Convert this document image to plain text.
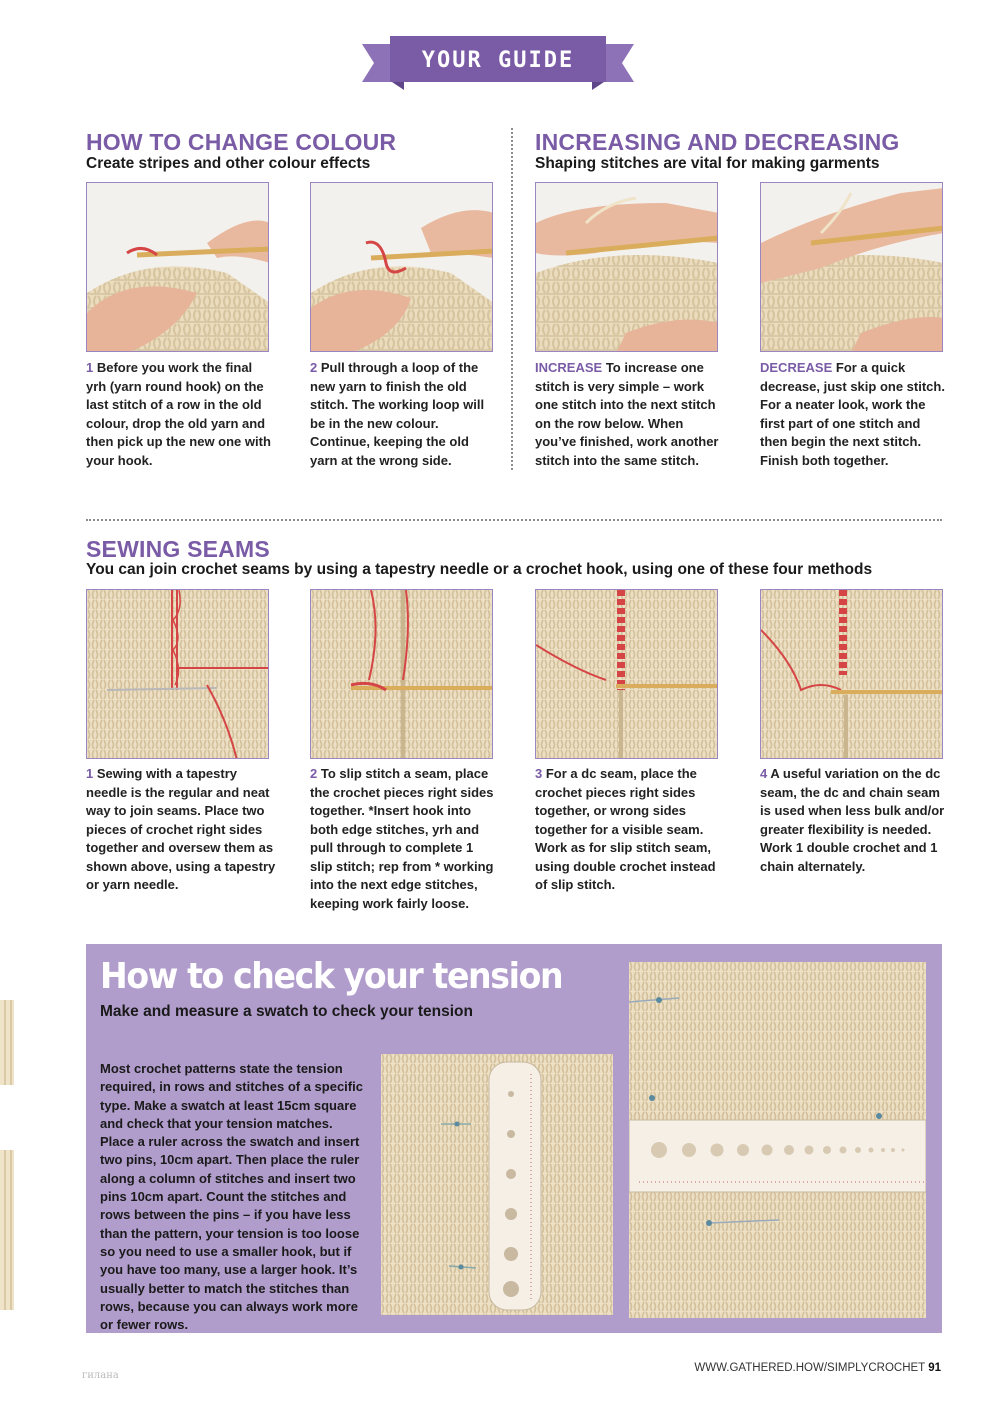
YOUR GUIDE
HOW TO CHANGE COLOUR
Create stripes and other colour effects
1 Before you work the final yrh (yarn round hook) on the last stitch of a row in the old colour, drop the old yarn and then pick up the new one with your hook.
2 Pull through a loop of the new yarn to finish the old stitch. The working loop will be in the new colour. Continue, keeping the old yarn at the wrong side.
INCREASING AND DECREASING
Shaping stitches are vital for making garments
INCREASE To increase one stitch is very simple – work one stitch into the next stitch on the row below. When you’ve finished, work another stitch into the same stitch.
DECREASE For a quick decrease, just skip one stitch. For a neater look, work the first part of one stitch and then begin the next stitch. Finish both together.
SEWING SEAMS
You can join crochet seams by using a tapestry needle or a crochet hook, using one of these four methods
1 Sewing with a tapestry needle is the regular and neat way to join seams. Place two pieces of crochet right sides together and oversew them as shown above, using a tapestry or yarn needle.
2 To slip stitch a seam, place the crochet pieces right sides together. *Insert hook into both edge stitches, yrh and pull through to complete 1 slip stitch; rep from * working into the next edge stitches, keeping work fairly loose.
3 For a dc seam, place the crochet pieces right sides together, or wrong sides together for a visible seam. Work as for slip stitch seam, using double crochet instead of slip stitch.
4 A useful variation on the dc seam, the dc and chain seam is used when less bulk and/or greater flexibility is needed. Work 1 double crochet and 1 chain alternately.
How to check your tension
Make and measure a swatch to check your tension
Most crochet patterns state the tension required, in rows and stitches of a specific type. Make a swatch at least 15cm square and check that your tension matches. Place a ruler across the swatch and insert two pins, 10cm apart. Then place the ruler along a column of stitches and insert two pins 10cm apart. Count the stitches and rows between the pins – if you have less than the pattern, your tension is too loose so you need to use a smaller hook, but if you have too many, use a larger hook. It’s usually better to match the stitches than rows, because you can always work more or fewer rows.
WWW.GATHERED.HOW/SIMPLYCROCHET 91
гилана
